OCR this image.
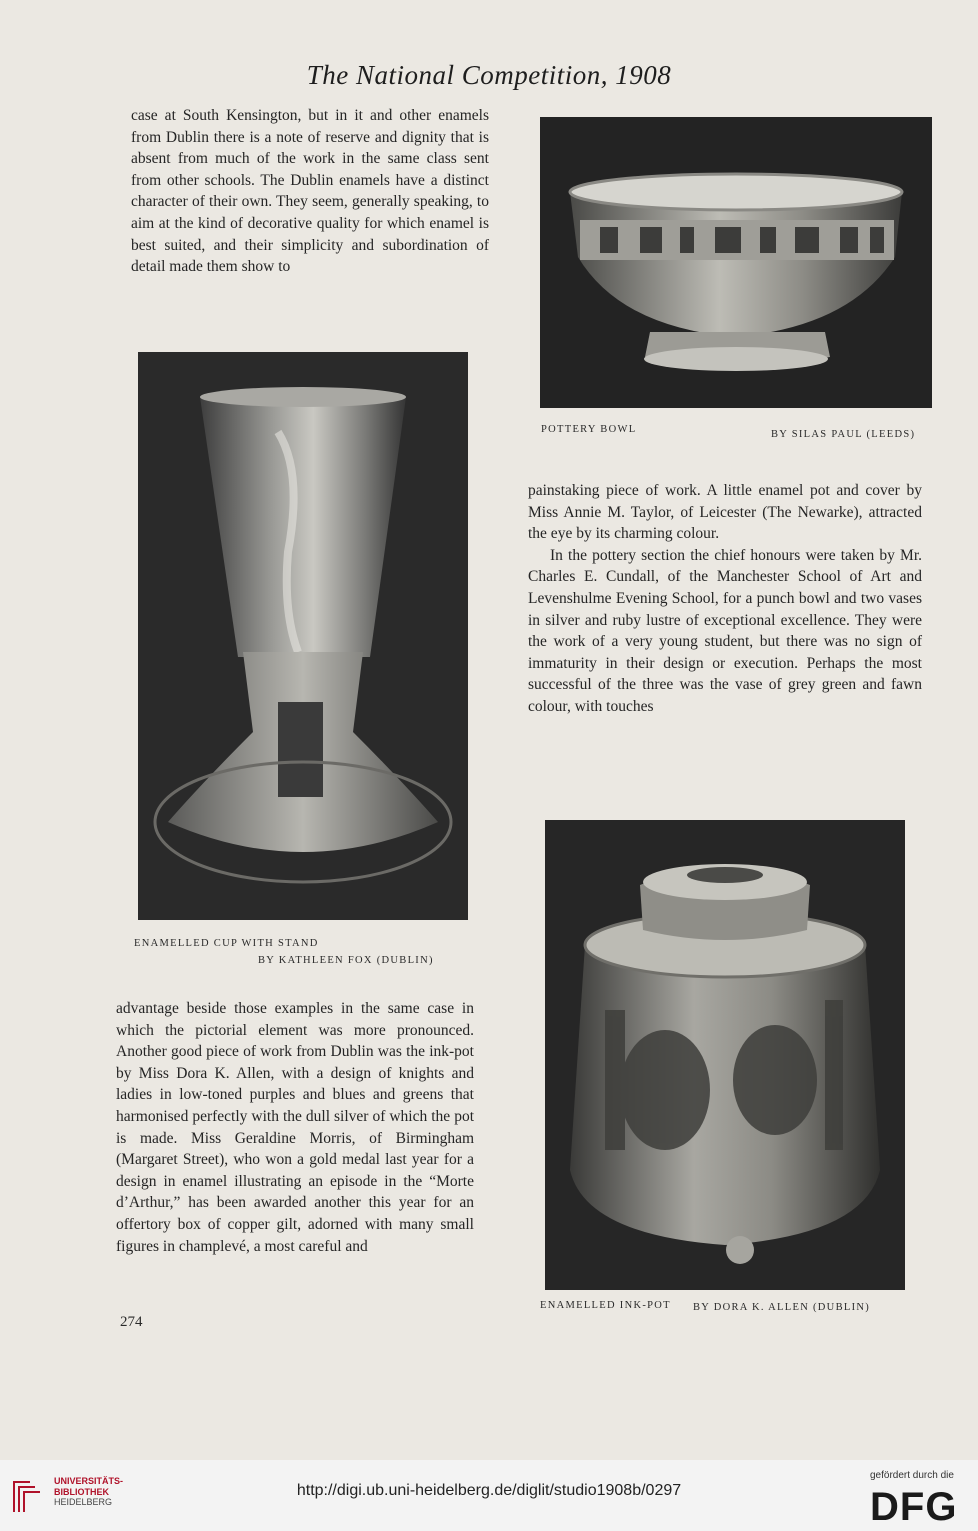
The National Competition, 1908

case at South Kensington, but in it and other enamels from Dublin there is a note of reserve and dignity that is absent from much of the work in the same class sent from other schools. The Dublin enamels have a distinct character of their own. They seem, generally speaking, to aim at the kind of decorative quality for which enamel is best suited, and their simplicity and subordination of detail made them show to

ENAMELLED CUP WITH STAND
BY KATHLEEN FOX (DUBLIN)

advantage beside those examples in the same case in which the pictorial element was more pronounced. Another good piece of work from Dublin was the ink-pot by Miss Dora K. Allen, with a design of knights and ladies in low-toned purples and blues and greens that harmonised perfectly with the dull silver of which the pot is made. Miss Geraldine Morris, of Birmingham (Margaret Street), who won a gold medal last year for a design in enamel illustrating an episode in the “Morte d’Arthur,” has been awarded another this year for an offertory box of copper gilt, adorned with many small figures in champlevé, a most careful and

274
POTTERY BOWL	BY SILAS PAUL (LEEDS)

painstaking piece of work. A little enamel pot and cover by Miss Annie M. Taylor, of Leicester (The Newarke), attracted the eye by its charming colour.

In the pottery section the chief honours were taken by Mr. Charles E. Cundall, of the Manchester School of Art and Levenshulme Evening School, for a punch bowl and two vases in silver and ruby lustre of exceptional excellence. They were the work of a very young student, but there was no sign of immaturity in their design or execution. Perhaps the most successful of the three was the vase of grey green and fawn colour, with touches

ENAMELLED INK-POT BY DORA K. ALLEN (DUBLIN)
UNIVERSITÄTS-
BIBLIOTHEK
HEIDELBERG
http://digi.ub.uni-heidelberg.de/diglit/studio1908b/0297
gefördert durch die
DFG
